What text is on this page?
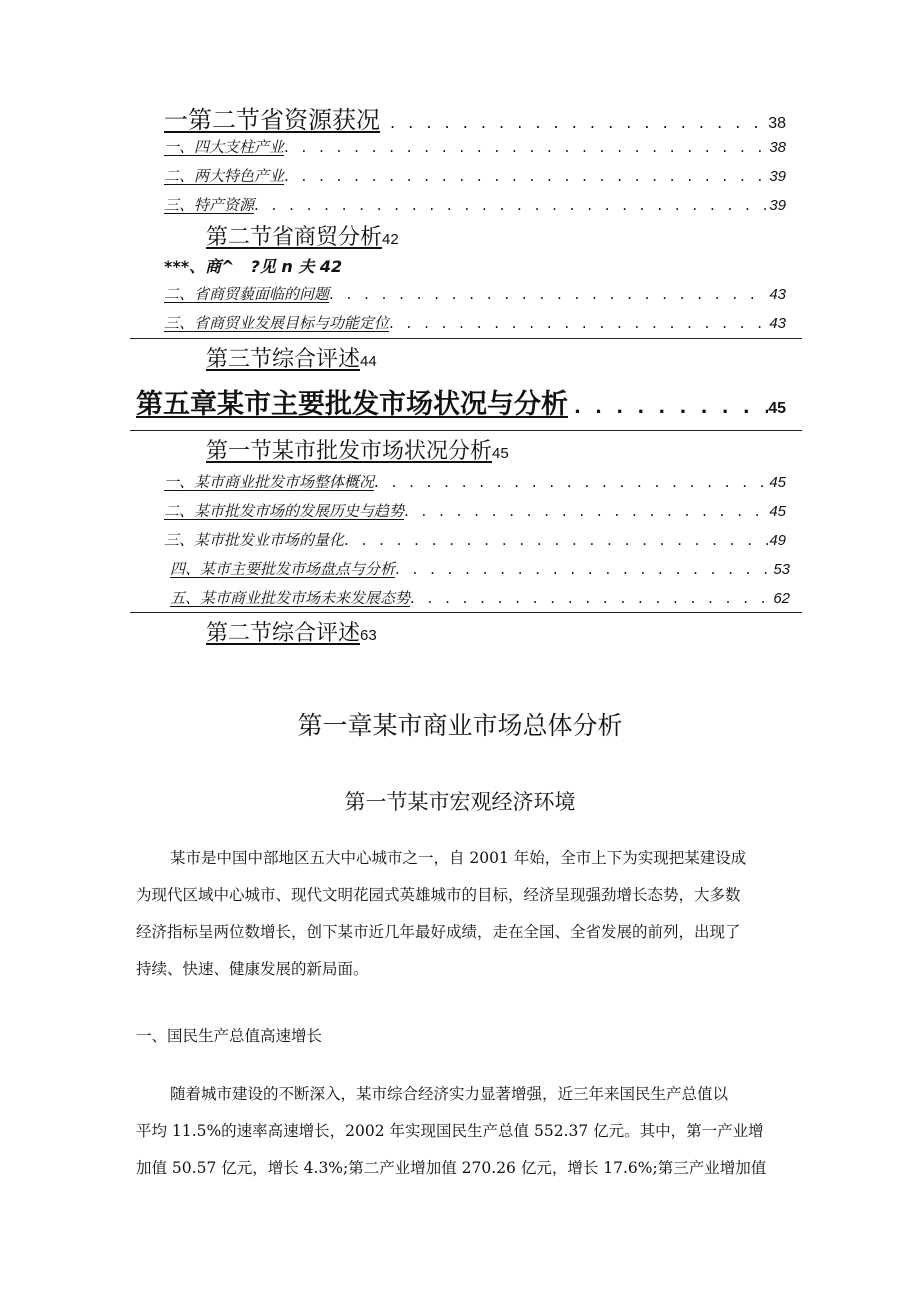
一第二节省资源获况 . . .	38
一、四大支柱产业 . . .	38
二、两大特色产业 . . .	39
三、特产资源 . . .	39
第二节省商贸分析 42
***、商^　?见 n 夫 42
二、省商贸藐面临的问题 . . .	43
三、省商贸业发展目标与功能定位 . . .	43
第三节综合评述 44
第五章某市主要批发市场状况与分析 . . .	45
第一节某市批发市场状况分析 45
一、某市商业批发市场整体概况 . . .	45
二、某市批发市场的发展历史与趋势 . . .	45
三、某市批发业市场的量化 . . .	49
四、某市主要批发市场盘点与分析 . . .	53
五、某市商业批发市场未来发展态势 . . .	62
第二节综合评述 63
第一章某市商业市场总体分析
第一节某市宏观经济环境
某市是中国中部地区五大中心城市之一，自 2001 年始，全市上下为实现把某建设成
为现代区域中心城市、现代文明花园式英雄城市的目标，经济呈现强劲增长态势，大多数
经济指标呈两位数增长，创下某市近几年最好成绩，走在全国、全省发展的前列，出现了
持续、快速、健康发展的新局面。
一、国民生产总值高速增长
随着城市建设的不断深入，某市综合经济实力显著增强，近三年来国民生产总值以
平均 11.5%的速率高速增长，2002 年实现国民生产总值 552.37 亿元。其中，第一产业增
加值 50.57 亿元，增长 4.3%;第二产业增加值 270.26 亿元，增长 17.6%;第三产业增加值
